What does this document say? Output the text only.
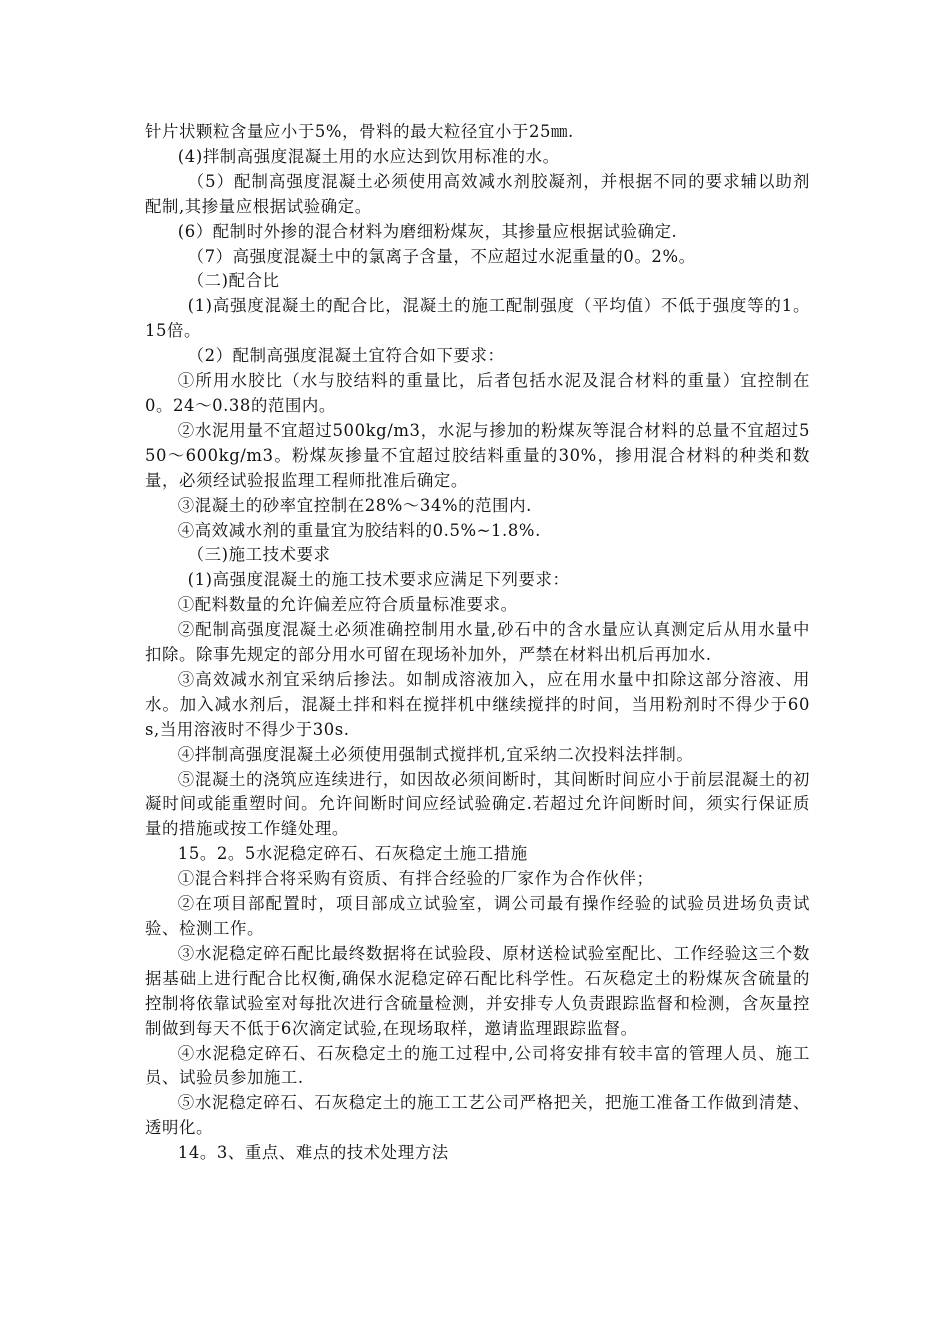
针片状颗粒含量应小于5%，骨料的最大粒径宜小于25㎜.

(4)拌制高强度混凝土用的水应达到饮用标准的水。

（5）配制高强度混凝土必须使用高效减水剂胶凝剂，并根据不同的要求辅以助剂配制,其掺量应根据试验确定。

(6）配制时外掺的混合材料为磨细粉煤灰，其掺量应根据试验确定.

（7）高强度混凝土中的氯离子含量，不应超过水泥重量的0。2%。

（二)配合比

(1)高强度混凝土的配合比，混凝土的施工配制强度（平均值）不低于强度等的1。15倍。

（2）配制高强度混凝土宜符合如下要求：

①所用水胶比（水与胶结料的重量比，后者包括水泥及混合材料的重量）宜控制在0。24～0.38的范围内。

②水泥用量不宜超过500kg/m3，水泥与掺加的粉煤灰等混合材料的总量不宜超过550～600kg/m3。粉煤灰掺量不宜超过胶结料重量的30%，掺用混合材料的种类和数量，必须经试验报监理工程师批准后确定。

③混凝土的砂率宜控制在28%～34%的范围内.

④高效减水剂的重量宜为胶结料的0.5%~1.8%.

（三)施工技术要求

(1)高强度混凝土的施工技术要求应满足下列要求：

①配料数量的允许偏差应符合质量标准要求。

②配制高强度混凝土必须准确控制用水量,砂石中的含水量应认真测定后从用水量中扣除。除事先规定的部分用水可留在现场补加外，严禁在材料出机后再加水.

③高效减水剂宜采纳后掺法。如制成溶液加入，应在用水量中扣除这部分溶液、用水。加入减水剂后，混凝土拌和料在搅拌机中继续搅拌的时间，当用粉剂时不得少于60s,当用溶液时不得少于30s.

④拌制高强度混凝土必须使用强制式搅拌机,宜采纳二次投料法拌制。

⑤混凝土的浇筑应连续进行，如因故必须间断时，其间断时间应小于前层混凝土的初凝时间或能重塑时间。允许间断时间应经试验确定.若超过允许间断时间，须实行保证质量的措施或按工作缝处理。

15。2。5水泥稳定碎石、石灰稳定土施工措施

①混合料拌合将采购有资质、有拌合经验的厂家作为合作伙伴；

②在项目部配置时，项目部成立试验室，调公司最有操作经验的试验员进场负责试验、检测工作。

③水泥稳定碎石配比最终数据将在试验段、原材送检试验室配比、工作经验这三个数据基础上进行配合比权衡,确保水泥稳定碎石配比科学性。石灰稳定土的粉煤灰含硫量的控制将依靠试验室对每批次进行含硫量检测，并安排专人负责跟踪监督和检测，含灰量控制做到每天不低于6次滴定试验,在现场取样，邀请监理跟踪监督。

④水泥稳定碎石、石灰稳定土的施工过程中,公司将安排有较丰富的管理人员、施工员、试验员参加施工.

⑤水泥稳定碎石、石灰稳定土的施工工艺公司严格把关，把施工准备工作做到清楚、透明化。

14。3、重点、难点的技术处理方法
